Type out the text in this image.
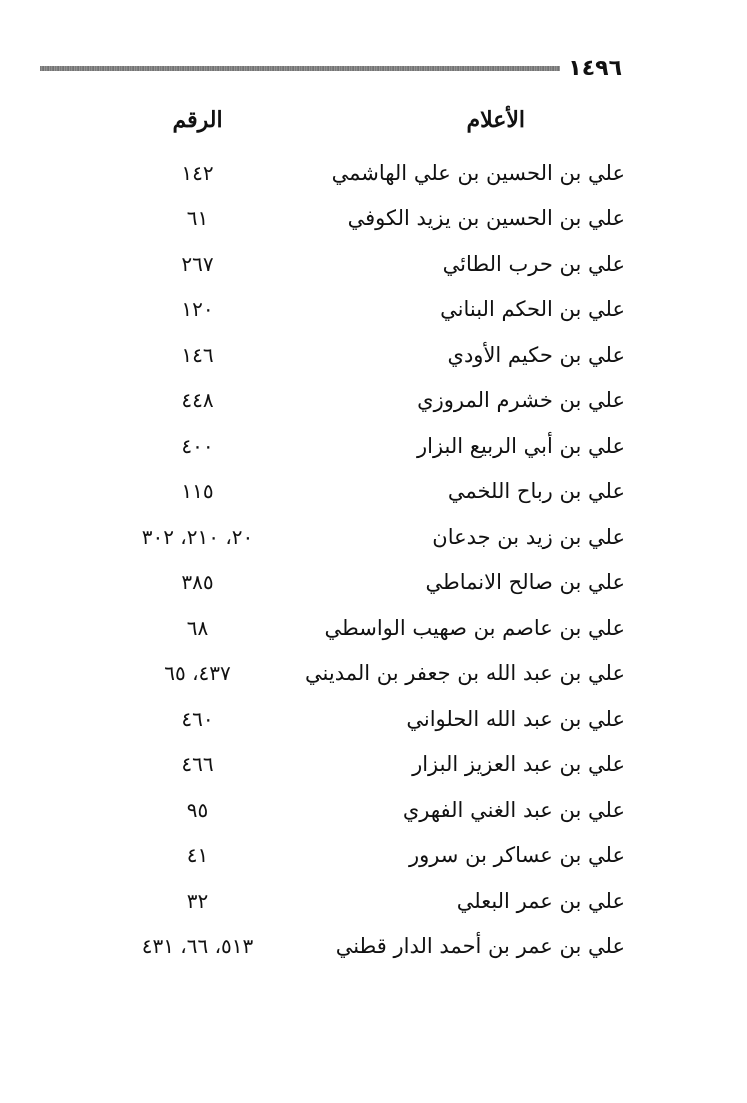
١٤٩٦
الأعلام
الرقم
علي بن الحسين بن علي الهاشمي
١٤٢
علي بن الحسين بن يزيد الكوفي
٦١
علي بن حرب الطائي
٢٦٧
علي بن الحكم البناني
١٢٠
علي بن حكيم الأودي
١٤٦
علي بن خشرم المروزي
٤٤٨
علي بن أبي الربيع البزار
٤٠٠
علي بن رباح اللخمي
١١٥
علي بن زيد بن جدعان
٢٠، ٢١٠، ٣٠٢
علي بن صالح الانماطي
٣٨٥
علي بن عاصم بن صهيب الواسطي
٦٨
علي بن عبد الله بن جعفر بن المديني
٤٣٧، ٦٥
علي بن عبد الله الحلواني
٤٦٠
علي بن عبد العزيز البزار
٤٦٦
علي بن عبد الغني الفهري
٩٥
علي بن عساكر بن سرور
٤١
علي بن عمر البعلي
٣٢
علي بن عمر بن أحمد الدار قطني
٥١٣، ٦٦، ٤٣١
